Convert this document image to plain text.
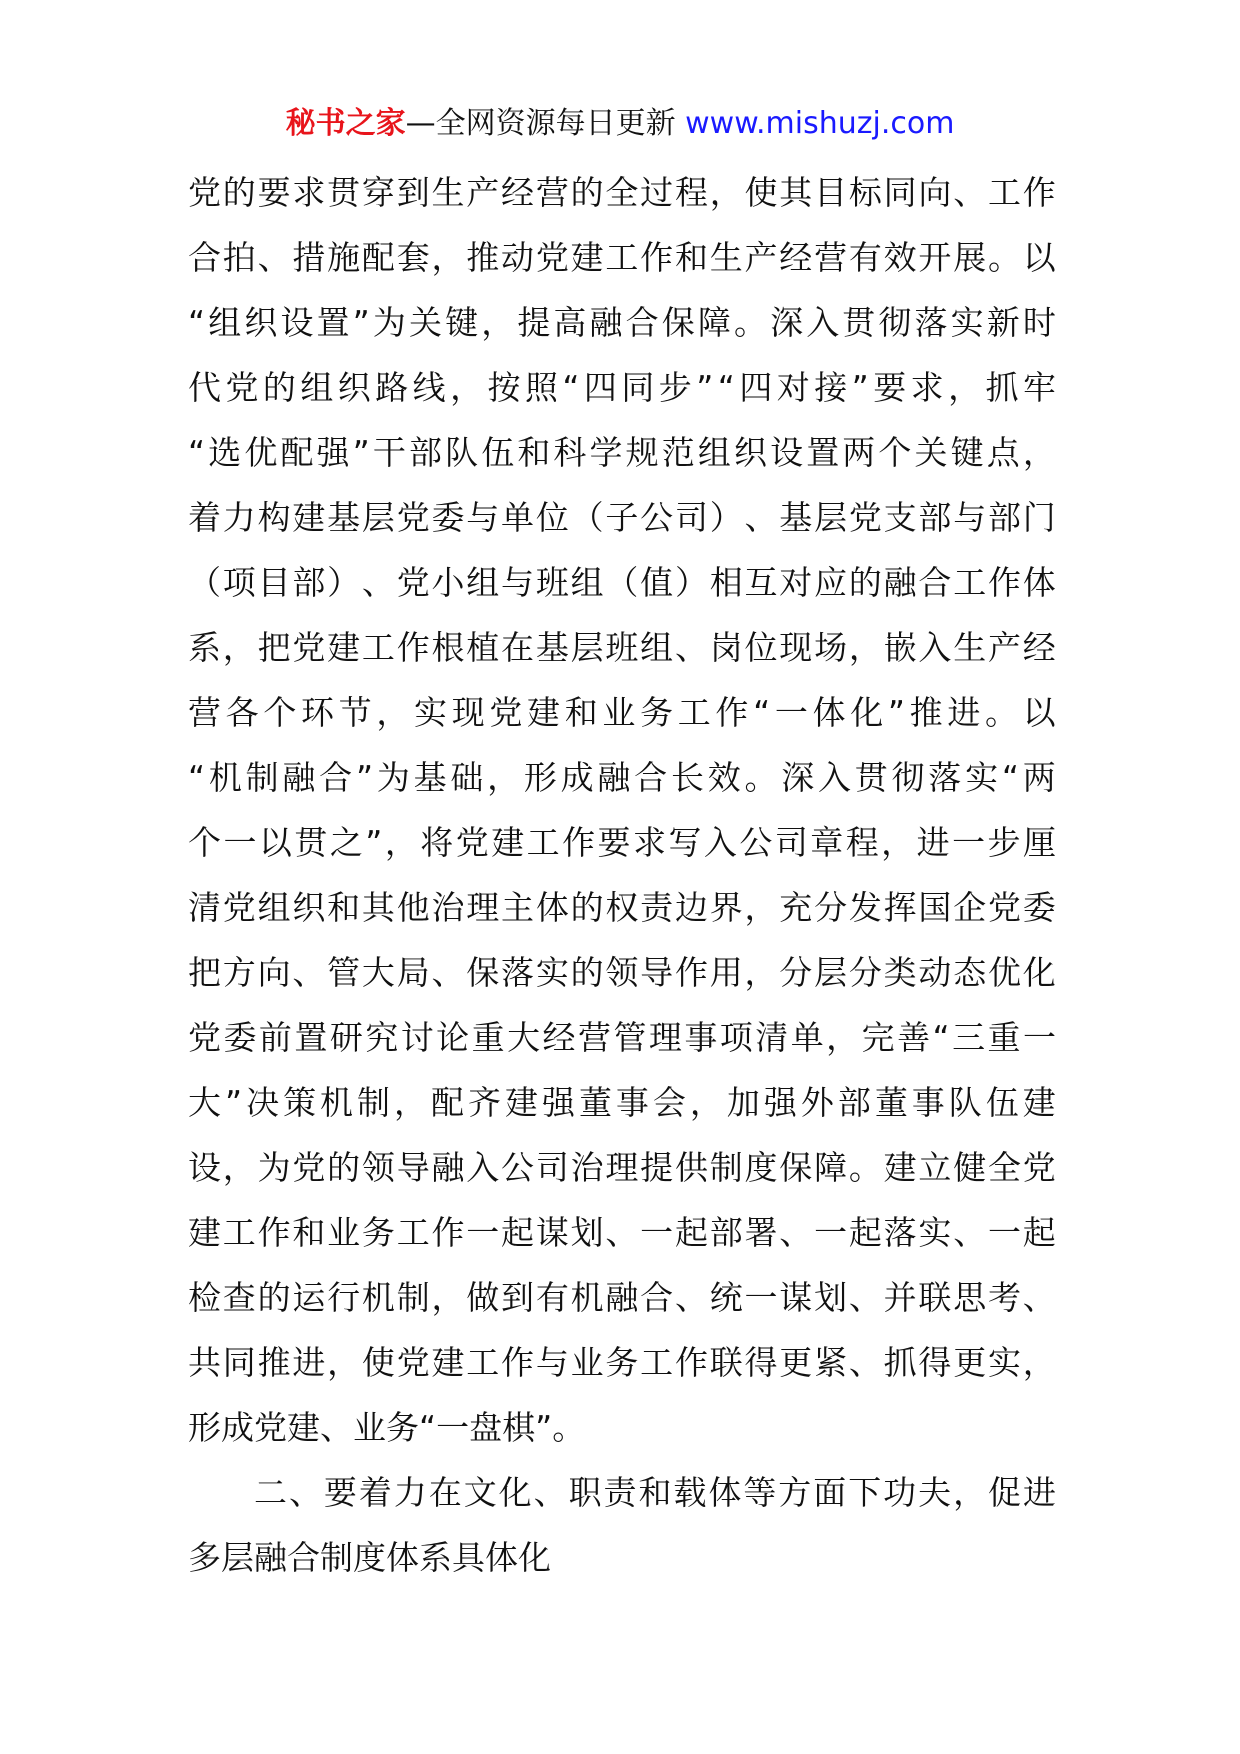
秘书之家—全网资源每日更新 www.mishuzj.com
党 的 要 求 贯 穿 到 生 产 经 营 的 全 过 程 ， 使 其 目 标 同 向 、 工 作
合 拍 、 措 施 配 套 ， 推 动 党 建 工 作 和 生 产 经 营 有 效 开 展 。 以
“ 组 织 设 置 ” 为 关 键 ， 提 高 融 合 保 障 。 深 入 贯 彻 落 实 新 时
代 党 的 组 织 路 线 ， 按 照 “ 四 同 步 ” “ 四 对 接 ” 要 求 ， 抓 牢
“ 选 优 配 强 ” 干 部 队 伍 和 科 学 规 范 组 织 设 置 两 个 关 键 点 ，
着 力 构 建 基 层 党 委 与 单 位 （ 子 公 司 ） 、 基 层 党 支 部 与 部 门
（ 项 目 部 ） 、 党 小 组 与 班 组 （ 值 ） 相 互 对 应 的 融 合 工 作 体
系 ， 把 党 建 工 作 根 植 在 基 层 班 组 、 岗 位 现 场 ， 嵌 入 生 产 经
营 各 个 环 节 ， 实 现 党 建 和 业 务 工 作 “ 一 体 化 ” 推 进 。 以
“ 机 制 融 合 ” 为 基 础 ， 形 成 融 合 长 效 。 深 入 贯 彻 落 实 “ 两
个 一 以 贯 之 ” ， 将 党 建 工 作 要 求 写 入 公 司 章 程 ， 进 一 步 厘
清 党 组 织 和 其 他 治 理 主 体 的 权 责 边 界 ， 充 分 发 挥 国 企 党 委
把 方 向 、 管 大 局 、 保 落 实 的 领 导 作 用 ， 分 层 分 类 动 态 优 化
党 委 前 置 研 究 讨 论 重 大 经 营 管 理 事 项 清 单 ， 完 善 “ 三 重 一
大 ” 决 策 机 制 ， 配 齐 建 强 董 事 会 ， 加 强 外 部 董 事 队 伍 建
设 ， 为 党 的 领 导 融 入 公 司 治 理 提 供 制 度 保 障 。 建 立 健 全 党
建 工 作 和 业 务 工 作 一 起 谋 划 、 一 起 部 署 、 一 起 落 实 、 一 起
检 查 的 运 行 机 制 ， 做 到 有 机 融 合 、 统 一 谋 划 、 并 联 思 考 、
共 同 推 进 ， 使 党 建 工 作 与 业 务 工 作 联 得 更 紧 、 抓 得 更 实 ，
形成党建、业务“一盘棋”。
二 、 要 着 力 在 文 化 、 职 责 和 载 体 等 方 面 下 功 夫 ， 促 进
多层融合制度体系具体化
